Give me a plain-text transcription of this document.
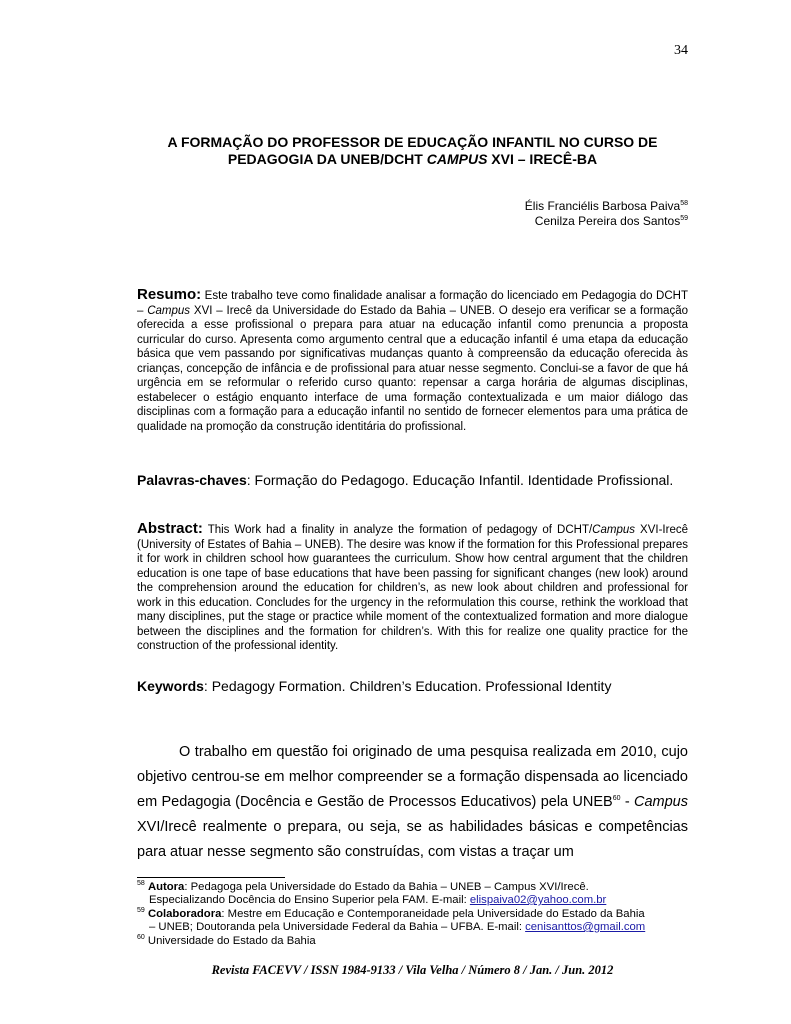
34
A FORMAÇÃO DO PROFESSOR DE EDUCAÇÃO INFANTIL NO CURSO DE
PEDAGOGIA DA UNEB/DCHT CAMPUS XVI – IRECÊ-BA
Élis Franciélis Barbosa Paiva$^{58}$
Cenilza Pereira dos Santos$^{59}$
Resumo: Este trabalho teve como finalidade analisar a formação do licenciado em Pedagogia do DCHT – Campus XVI – Irecê da Universidade do Estado da Bahia – UNEB. O desejo era verificar se a formação oferecida a esse profissional o prepara para atuar na educação infantil como prenuncia a proposta curricular do curso. Apresenta como argumento central que a educação infantil é uma etapa da educação básica que vem passando por significativas mudanças quanto à compreensão da educação oferecida às crianças, concepção de infância e de profissional para atuar nesse segmento. Conclui-se a favor de que há urgência em se reformular o referido curso quanto: repensar a carga horária de algumas disciplinas, estabelecer o estágio enquanto interface de uma formação contextualizada e um maior diálogo das disciplinas com a formação para a educação infantil no sentido de fornecer elementos para uma prática de qualidade na promoção da construção identitária do profissional.
Palavras-chaves: Formação do Pedagogo. Educação Infantil. Identidade Profissional.
Abstract: This Work had a finality in analyze the formation of pedagogy of DCHT/Campus XVI-Irecê (University of Estates of Bahia – UNEB). The desire was know if the formation for this Professional prepares it for work in children school how guarantees the curriculum. Show how central argument that the children education is one tape of base educations that have been passing for significant changes (new look) around the comprehension around the education for children’s, as new look about children and professional for work in this education. Concludes for the urgency in the reformulation this course, rethink the workload that many disciplines, put the stage or practice while moment of the contextualized formation and more dialogue between the disciplines and the formation for children’s. With this for realize one quality practice for the construction of the professional identity.
Keywords: Pedagogy Formation. Children’s Education. Professional Identity
O trabalho em questão foi originado de uma pesquisa realizada em 2010, cujo objetivo centrou-se em melhor compreender se a formação dispensada ao licenciado em Pedagogia (Docência e Gestão de Processos Educativos) pela UNEB$^{60}$ - Campus XVI/Irecê realmente o prepara, ou seja, se as habilidades básicas e competências para atuar nesse segmento são construídas, com vistas a traçar um
$^{58}$ Autora: Pedagoga pela Universidade do Estado da Bahia – UNEB – Campus XVI/Irecê.
Especializando Docência do Ensino Superior pela FAM. E-mail: elispaiva02@yahoo.com.br
$^{59}$ Colaboradora: Mestre em Educação e Contemporaneidade pela Universidade do Estado da Bahia
– UNEB; Doutoranda pela Universidade Federal da Bahia – UFBA. E-mail: cenisanttos@gmail.com
$^{60}$ Universidade do Estado da Bahia
Revista FACEVV / ISSN 1984-9133 / Vila Velha / Número 8 / Jan. / Jun. 2012
